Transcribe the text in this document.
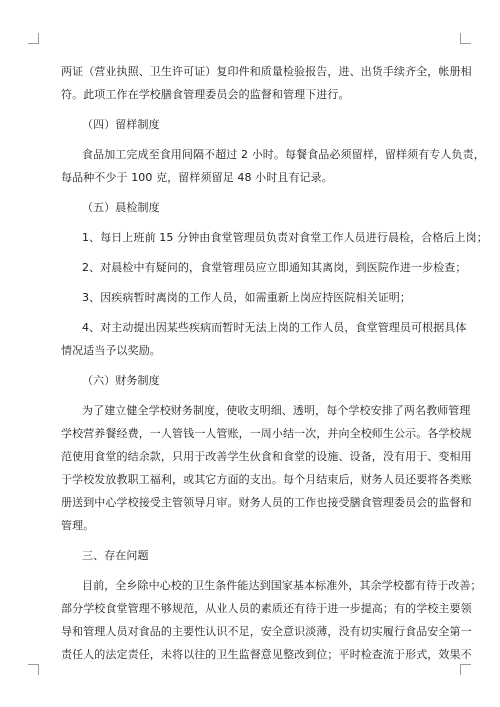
两证（营业执照、卫生许可证）复印件和质量检验报告，进、出货手续齐全，帐册相
符。此项工作在学校膳食管理委员会的监督和管理下进行。
（四）留样制度
食品加工完成至食用间隔不超过 2 小时。每餐食品必须留样，留样须有专人负责，
每品种不少于 100 克，留样须留足 48 小时且有记录。
（五）晨检制度
1、每日上班前 15 分钟由食堂管理员负责对食堂工作人员进行晨检，合格后上岗；
2、对晨检中有疑问的，食堂管理员应立即通知其离岗，到医院作进一步检查；
3、因疾病暂时离岗的工作人员，如需重新上岗应持医院相关证明；
4、对主动提出因某些疾病而暂时无法上岗的工作人员，食堂管理员可根据具体
情况适当予以奖励。
（六）财务制度
为了建立健全学校财务制度，使收支明细、透明，每个学校安排了两名教师管理
学校营养餐经费，一人管钱一人管账，一周小结一次，并向全校师生公示。各学校规
范使用食堂的结余款，只用于改善学生伙食和食堂的设施、设备，没有用于、变相用
于学校发放教职工福利，或其它方面的支出。每个月结束后，财务人员还要将各类账
册送到中心学校接受主管领导月审。财务人员的工作也接受膳食管理委员会的监督和
管理。
三、存在问题
目前，全乡除中心校的卫生条件能达到国家基本标准外，其余学校都有待于改善；
部分学校食堂管理不够规范，从业人员的素质还有待于进一步提高；有的学校主要领
导和管理人员对食品的主要性认识不足，安全意识淡薄，没有切实履行食品安全第一
责任人的法定责任，未将以往的卫生监督意见整改到位；平时检查流于形式，效果不
